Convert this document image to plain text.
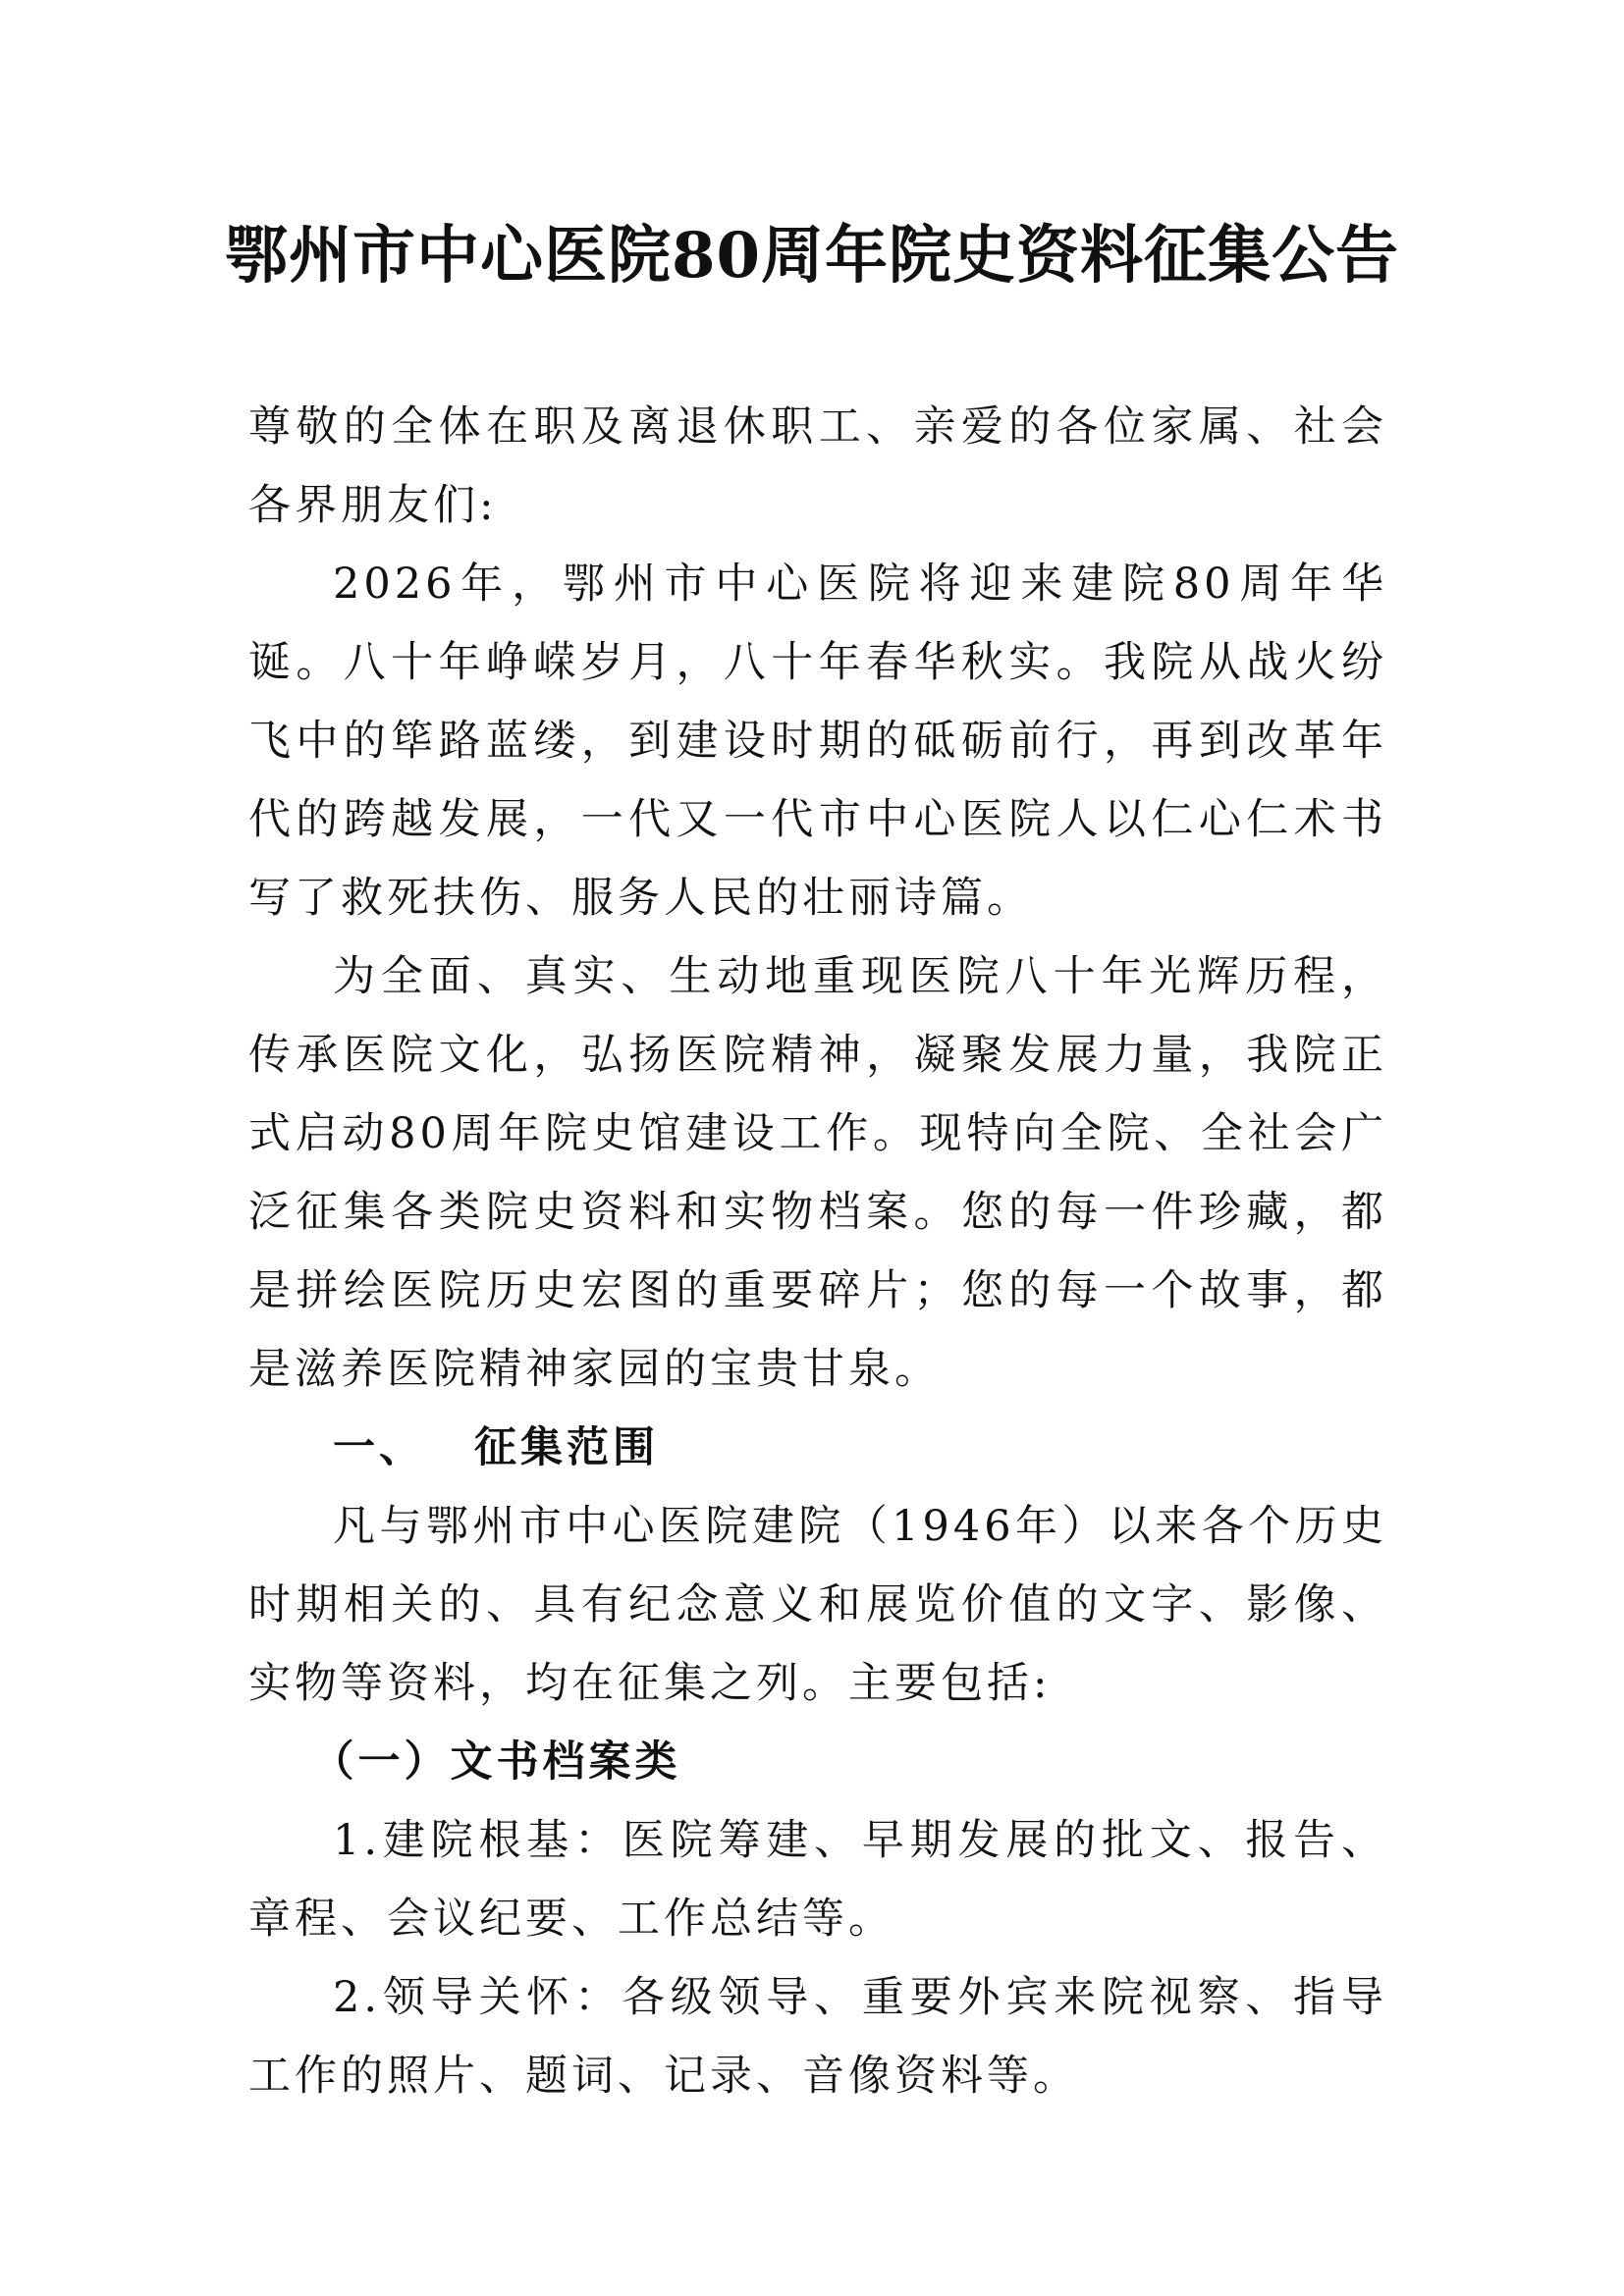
鄂州市中心医院80周年院史资料征集公告

尊敬的全体在职及离退休职工、亲爱的各位家属、社会各界朋友们:

2026年，鄂州市中心医院将迎来建院80周年华诞。八十年峥嵘岁月，八十年春华秋实。我院从战火纷飞中的筚路蓝缕，到建设时期的砥砺前行，再到改革年代的跨越发展，一代又一代市中心医院人以仁心仁术书写了救死扶伤、服务人民的壮丽诗篇。

为全面、真实、生动地重现医院八十年光辉历程，传承医院文化，弘扬医院精神，凝聚发展力量，我院正式启动80周年院史馆建设工作。现特向全院、全社会广泛征集各类院史资料和实物档案。您的每一件珍藏，都是拼绘医院历史宏图的重要碎片；您的每一个故事，都是滋养医院精神家园的宝贵甘泉。

一、 征集范围

凡与鄂州市中心医院建院（1946年）以来各个历史时期相关的、具有纪念意义和展览价值的文字、影像、实物等资料，均在征集之列。主要包括:

（一）文书档案类

1.建院根基：医院筹建、早期发展的批文、报告、章程、会议纪要、工作总结等。

2.领导关怀：各级领导、重要外宾来院视察、指导工作的照片、题词、记录、音像资料等。
